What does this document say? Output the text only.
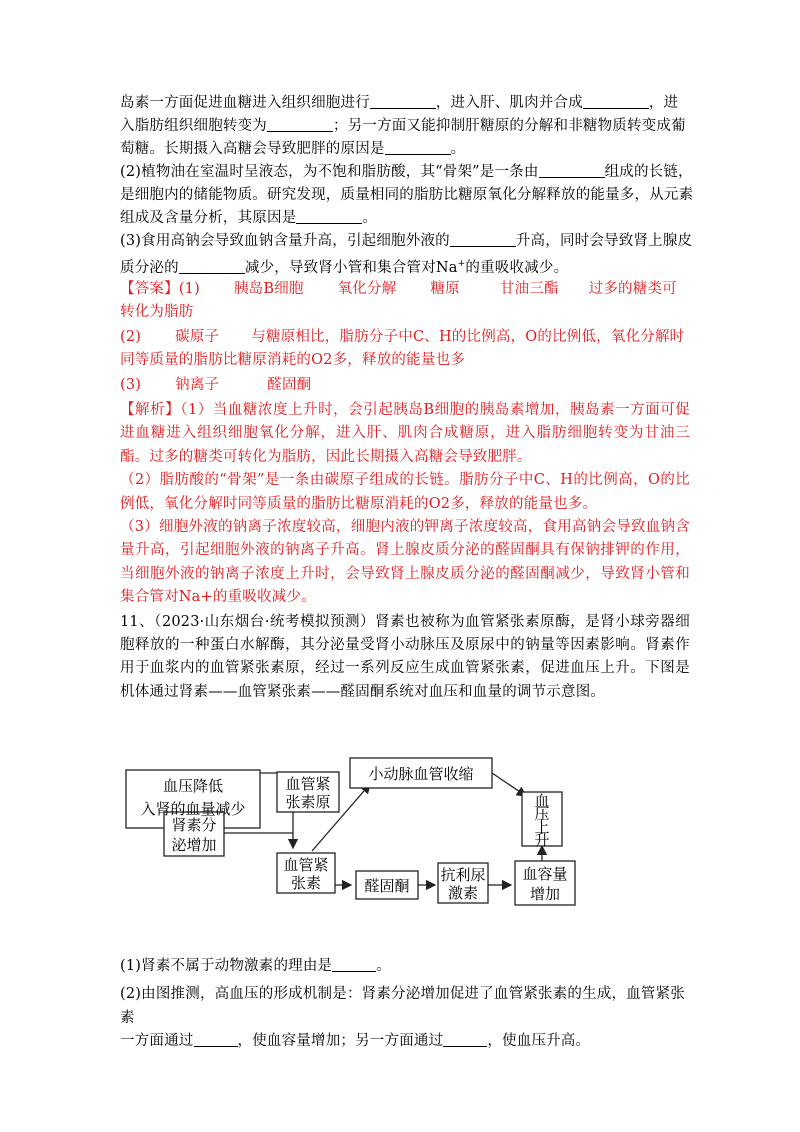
岛素一方面促进血糖进入组织细胞进行	，进入肝、肌肉并合成	，进
入脂肪组织细胞转变为	；另一方面又能抑制肝糖原的分解和非糖物质转变成葡
萄糖。长期摄入高糖会导致肥胖的原因是	。
(2)植物油在室温时呈液态，为不饱和脂肪酸，其“骨架”是一条由	组成的长链，
是细胞内的储能物质。研究发现，质量相同的脂肪比糖原氧化分解释放的能量多，从元素
组成及含量分析，其原因是	。
(3)食用高钠会导致血钠含量升高，引起细胞外液的	升高，同时会导致肾上腺皮
质分泌的	减少，导致肾小管和集合管对Na+的重吸收减少。
【答案】(1) 胰岛B细胞 氧化分解 糖原	甘油三酯 过多的糖类可
转化为脂肪
(2) 碳原子 与糖原相比，脂肪分子中C、H的比例高，O的比例低，氧化分解时
同等质量的脂肪比糖原消耗的O2多，释放的能量也多
(3) 钠离子	醛固酮
【解析】（1）当血糖浓度上升时，会引起胰岛B细胞的胰岛素增加，胰岛素一方面可促进血糖进入组织细胞氧化分解，进入肝、肌肉合成糖原，进入脂肪细胞转变为甘油三酯。过多的糖类可转化为脂肪，因此长期摄入高糖会导致肥胖。
（2）脂肪酸的“骨架”是一条由碳原子组成的长链。脂肪分子中C、H的比例高，O的比例低，氧化分解时同等质量的脂肪比糖原消耗的O2多，释放的能量也多。
（3）细胞外液的钠离子浓度较高，细胞内液的钾离子浓度较高，食用高钠会导致血钠含量升高，引起细胞外液的钠离子升高。肾上腺皮质分泌的醛固酮具有保钠排钾的作用，当细胞外液的钠离子浓度上升时，会导致肾上腺皮质分泌的醛固酮减少，导致肾小管和集合管对Na+的重吸收减少。
11、（2023·山东烟台·统考模拟预测）肾素也被称为血管紧张素原酶，是肾小球旁器细胞释放的一种蛋白水解酶，其分泌量受肾小动脉压及原尿中的钠量等因素影响。肾素作用于血浆内的血管紧张素原，经过一系列反应生成血管紧张素，促进血压上升。下图是机体通过肾素——血管紧张素——醛固酮系统对血压和血量的调节示意图。
血压降低
入肾的血量减少
血管紧
张素原
小动脉血管收缩
血
压
上
升
肾素分
泌增加
血管紧
张素	醛固酮
抗利尿
激素
血容量
增加
(1)肾素不属于动物激素的理由是	。
(2)由图推测，高血压的形成机制是：肾素分泌增加促进了血管紧张素的生成，血管紧张素
一方面通过	，使血容量增加；另一方面通过	，使血压升高。
